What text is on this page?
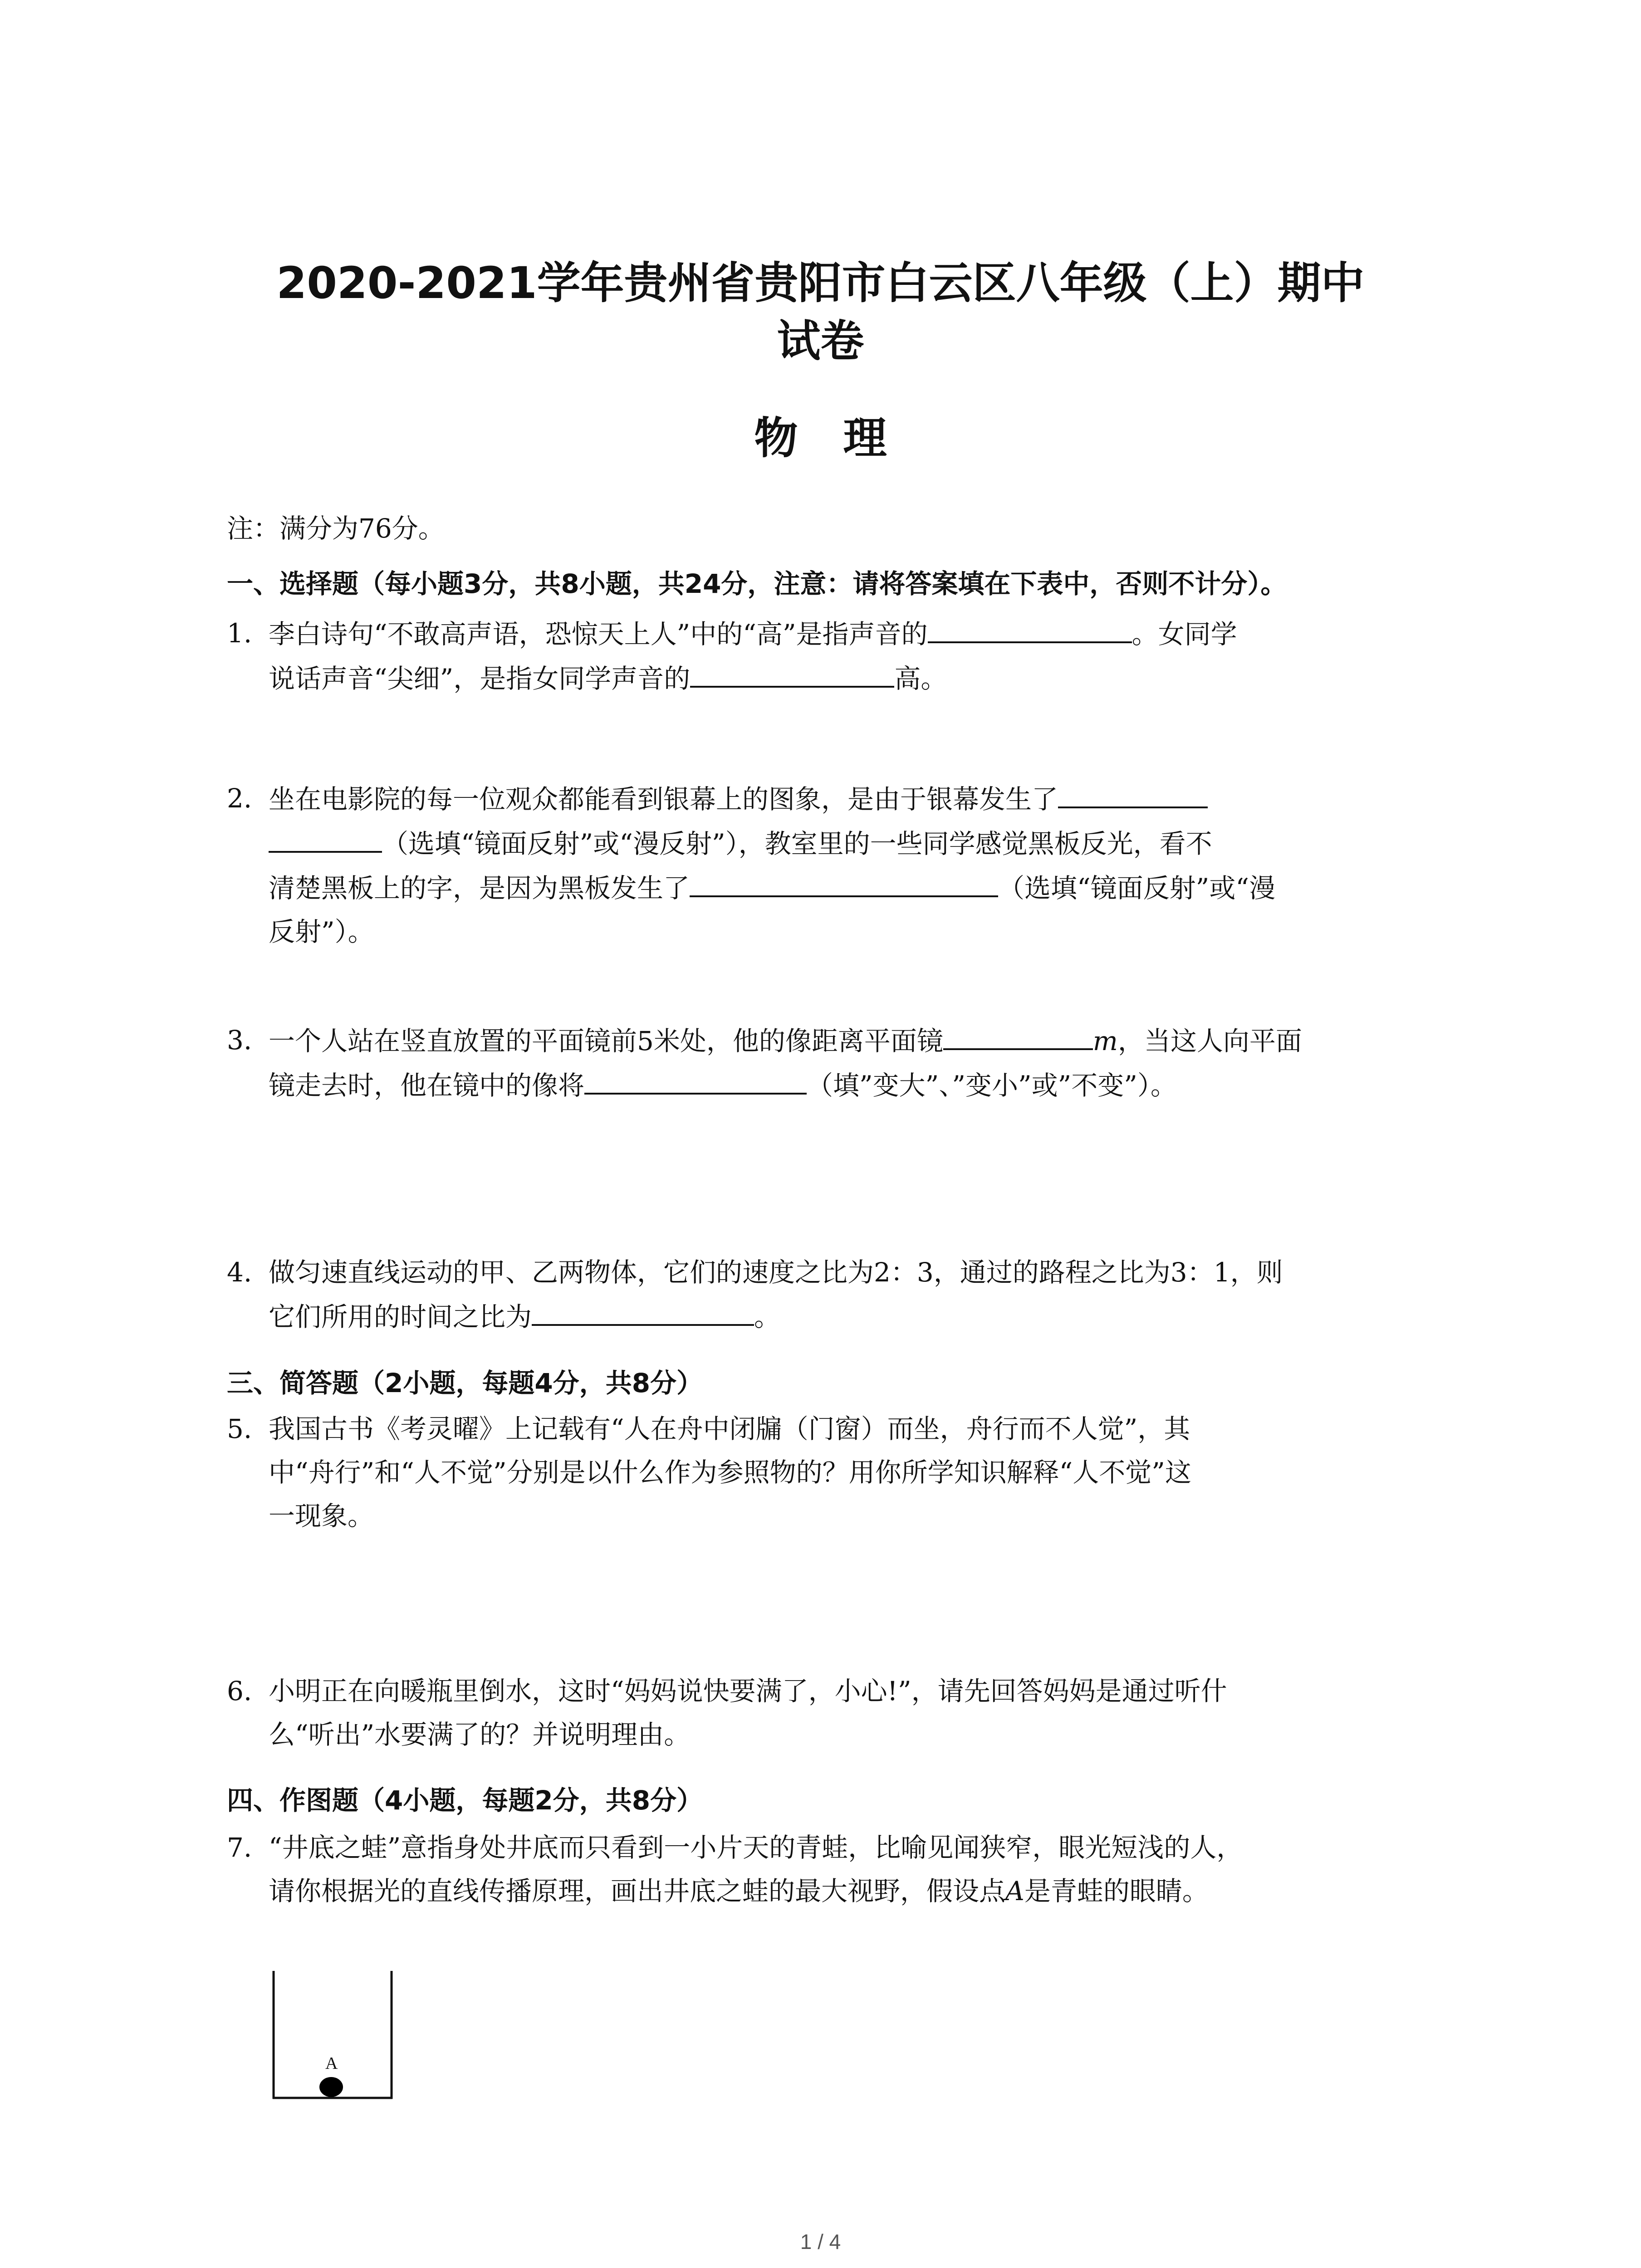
2020-2021学年贵州省贵阳市白云区八年级（上）期中
试卷
物理
注：满分为76分。
一、选择题（每小题3分，共8小题，共24分，注意：请将答案填在下表中，否则不计分）。
1. 李白诗句“不敢高声语，恐惊天上人”中的“高”是指声音的	。女同学
说话声音“尖细”，是指女同学声音的	高。
2. 坐在电影院的每一位观众都能看到银幕上的图象，是由于银幕发生了
（选填“镜面反射”或“漫反射”），教室里的一些同学感觉黑板反光，看不
清楚黑板上的字，是因为黑板发生了	（选填“镜面反射”或“漫
反射”）。
3. 一个人站在竖直放置的平面镜前5米处，他的像距离平面镜	m，当这人向平面
镜走去时，他在镜中的像将	（填”变大”、”变小”或”不变”）。
4. 做匀速直线运动的甲、乙两物体，它们的速度之比为2：3，通过的路程之比为3：1，则
它们所用的时间之比为	。
三、简答题（2小题，每题4分，共8分）
5. 我国古书《考灵曜》上记载有“人在舟中闭牖（门窗）而坐，舟行而不人觉”，其
中“舟行”和“人不觉”分别是以什么作为参照物的？用你所学知识解释“人不觉”这
一现象。
6. 小明正在向暖瓶里倒水，这时“妈妈说快要满了，小心!”，请先回答妈妈是通过听什
么“听出”水要满了的？并说明理由。
四、作图题（4小题，每题2分，共8分）
7. “井底之蛙”意指身处井底而只看到一小片天的青蛙，比喻见闻狭窄，眼光短浅的人，
请你根据光的直线传播原理，画出井底之蛙的最大视野，假设点A是青蛙的眼睛。
A
1 / 4
